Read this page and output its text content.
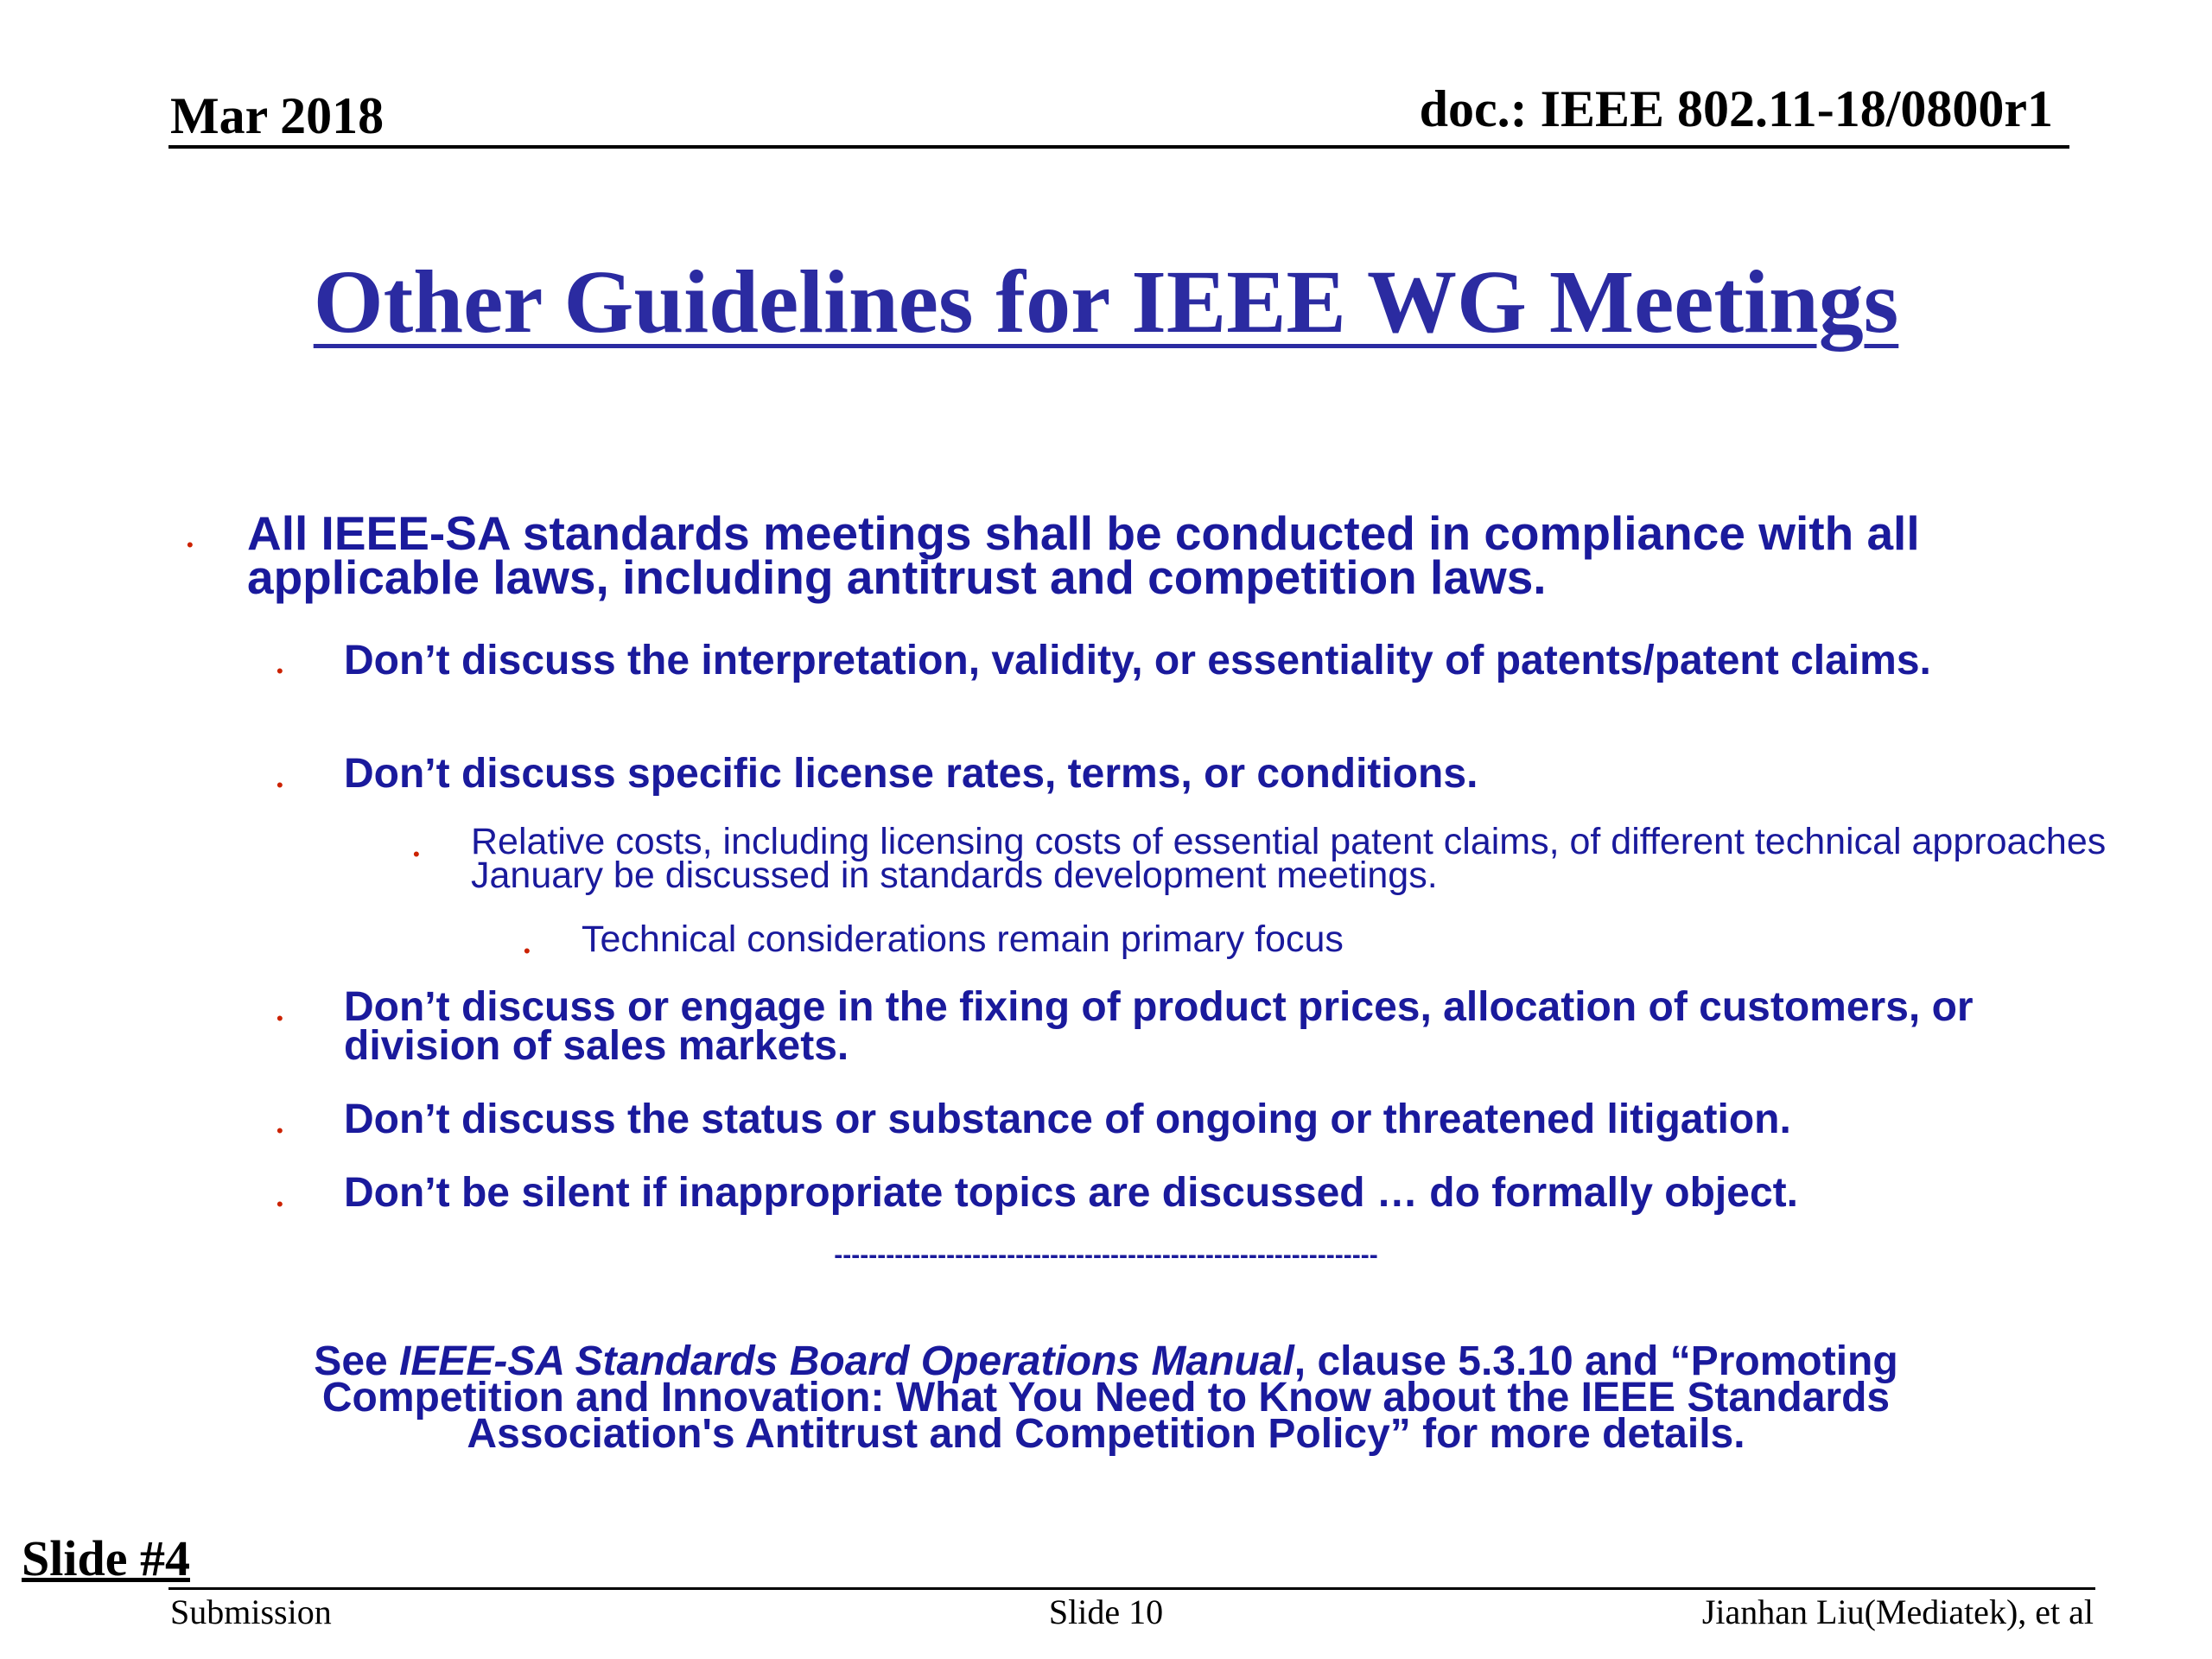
Mar 2018	doc.: IEEE 802.11-18/0800r1
Other Guidelines for IEEE WG Meetings
• All IEEE-SA standards meetings shall be conducted in compliance with all applicable laws, including antitrust and competition laws.
• Don’t discuss the interpretation, validity, or essentiality of patents/patent claims.
• Don’t discuss specific license rates, terms, or conditions.
• Relative costs, including licensing costs of essential patent claims, of different technical approaches January be discussed in standards development meetings.
• Technical considerations remain primary focus
• Don’t discuss or engage in the fixing of product prices, allocation of customers, or division of sales markets.
• Don’t discuss the status or substance of ongoing or threatened litigation.
• Don’t be silent if inappropriate topics are discussed … do formally object.
---------------------------------------------------------------
See IEEE-SA Standards Board Operations Manual, clause 5.3.10 and “Promoting Competition and Innovation: What You Need to Know about the IEEE Standards Association's Antitrust and Competition Policy” for more details.
Slide #4
Submission	Slide 10	Jianhan Liu(Mediatek), et al
